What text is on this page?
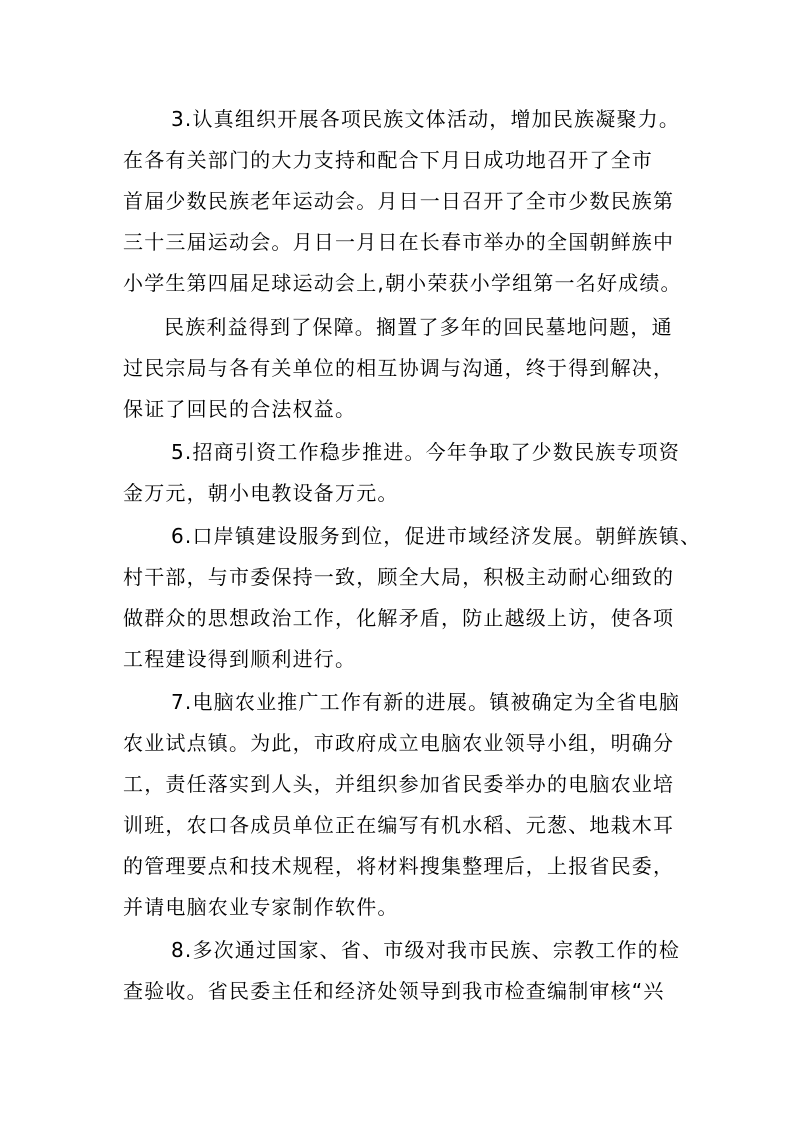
3.认真组织开展各项民族文体活动，增加民族凝聚力。
在各有关部门的大力支持和配合下月日成功地召开了全市
首届少数民族老年运动会。月日一日召开了全市少数民族第
三十三届运动会。月日一月日在长春市举办的全国朝鲜族中
小学生第四届足球运动会上,朝小荣获小学组第一名好成绩。
民族利益得到了保障。搁置了多年的回民墓地问题，通
过民宗局与各有关单位的相互协调与沟通，终于得到解决，
保证了回民的合法权益。
5.招商引资工作稳步推进。今年争取了少数民族专项资
金万元，朝小电教设备万元。
6.口岸镇建设服务到位，促进市域经济发展。朝鲜族镇、
村干部，与市委保持一致，顾全大局，积极主动耐心细致的
做群众的思想政治工作，化解矛盾，防止越级上访，使各项
工程建设得到顺利进行。
7.电脑农业推广工作有新的进展。镇被确定为全省电脑
农业试点镇。为此，市政府成立电脑农业领导小组，明确分
工，责任落实到人头，并组织参加省民委举办的电脑农业培
训班，农口各成员单位正在编写有机水稻、元葱、地栽木耳
的管理要点和技术规程，将材料搜集整理后，上报省民委，
并请电脑农业专家制作软件。
8.多次通过国家、省、市级对我市民族、宗教工作的检
查验收。省民委主任和经济处领导到我市检查编制审核“兴
